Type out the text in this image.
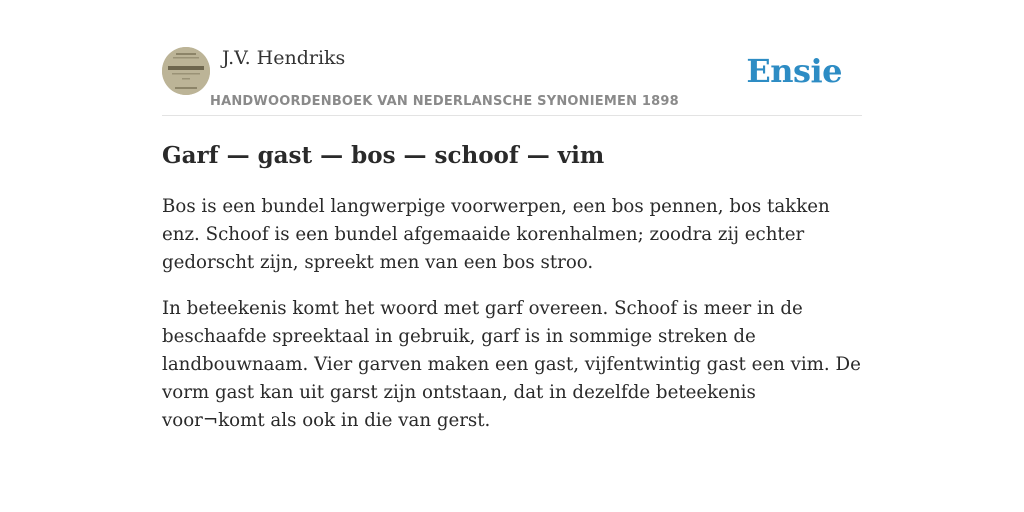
J.V. Hendriks
HANDWOORDENBOEK VAN NEDERLANSCHE SYNONIEMEN 1898
Ensie
Garf — gast — bos — schoof — vim

Bos is een bundel langwerpige voorwerpen, een bos pennen, bos takken enz. Schoof is een bundel afgemaaide korenhalmen; zoodra zij echter gedorscht zijn, spreekt men van een bos stroo.

In beteekenis komt het woord met garf overeen. Schoof is meer in de beschaafde spreektaal in gebruik, garf is in sommige streken de landbouwnaam. Vier garven maken een gast, vijfentwintig gast een vim. De vorm gast kan uit garst zijn ontstaan, dat in dezelfde beteekenis voor¬komt als ook in die van gerst.
